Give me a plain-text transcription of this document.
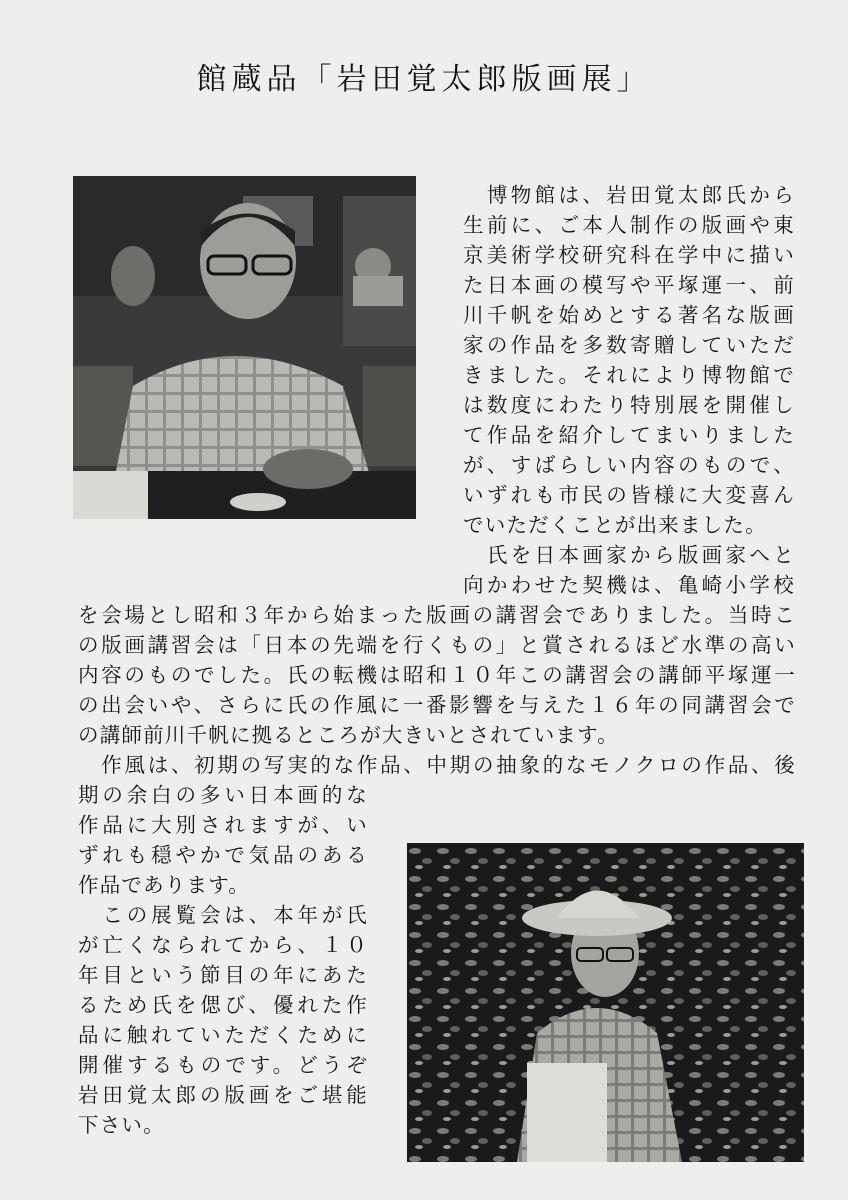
館蔵品「岩田覚太郎版画展」
　博物館は、岩田覚太郎氏から
生前に、ご本人制作の版画や東
京美術学校研究科在学中に描い
た日本画の模写や平塚運一、前
川千帆を始めとする著名な版画
家の作品を多数寄贈していただ
きました。それにより博物館で
は数度にわたり特別展を開催し
て作品を紹介してまいりました
が、すばらしい内容のもので、
いずれも市民の皆様に大変喜ん
でいただくことが出来ました。
　氏を日本画家から版画家へと
向かわせた契機は、亀崎小学校
を会場とし昭和３年から始まった版画の講習会でありました。当時こ
の版画講習会は「日本の先端を行くもの」と賞されるほど水準の高い
内容のものでした。氏の転機は昭和１０年この講習会の講師平塚運一
の出会いや、さらに氏の作風に一番影響を与えた１６年の同講習会で
の講師前川千帆に拠るところが大きいとされています。
　作風は、初期の写実的な作品、中期の抽象的なモノクロの作品、後
期の余白の多い日本画的な
作品に大別されますが、い
ずれも穏やかで気品のある
作品であります。
　この展覧会は、本年が氏
が亡くなられてから、１０
年目という節目の年にあた
るため氏を偲び、優れた作
品に触れていただくために
開催するものです。どうぞ
岩田覚太郎の版画をご堪能
下さい。
